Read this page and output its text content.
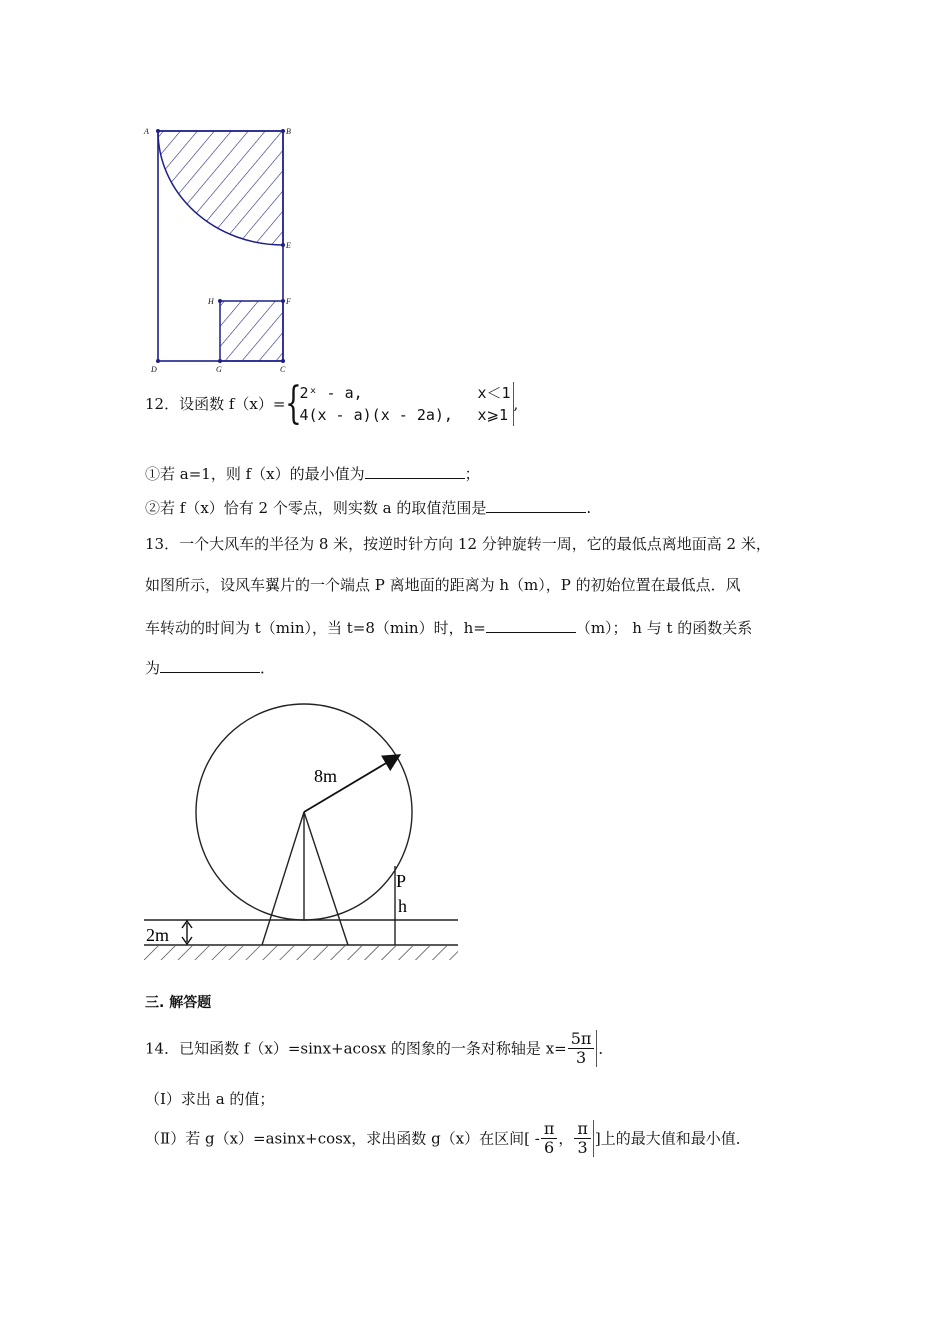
A	B
E
H	F
D	G	C
12．设函数 f（x）= {
2ˣ - a,	x＜1
4(x - a)(x - 2a),	x⩾1
,
①若 a=1，则 f（x）的最小值为	；
②若 f（x）恰有 2 个零点，则实数 a 的取值范围是	.
13．一个大风车的半径为 8 米，按逆时针方向 12 分钟旋转一周，它的最低点离地面高 2 米，
如图所示，设风车翼片的一个端点 P 离地面的距离为 h（m），P 的初始位置在最低点．风
车转动的时间为 t（min），当 t=8（min）时，h=	（m）； h 与 t 的函数关系
为	．
8m
P
h
2m
三. 解答题
14．已知函数 f（x）=sinx+acosx 的图象的一条对称轴是 $x= \frac{5\pi}{3}$ ．
（Ⅰ）求出 a 的值；
（Ⅱ）若 g（x）=asinx+cosx，求出函数 g（x）在区间[ - $\frac{\pi}{6}$ ， $\frac{\pi}{3}$ ]上的最大值和最小值．
